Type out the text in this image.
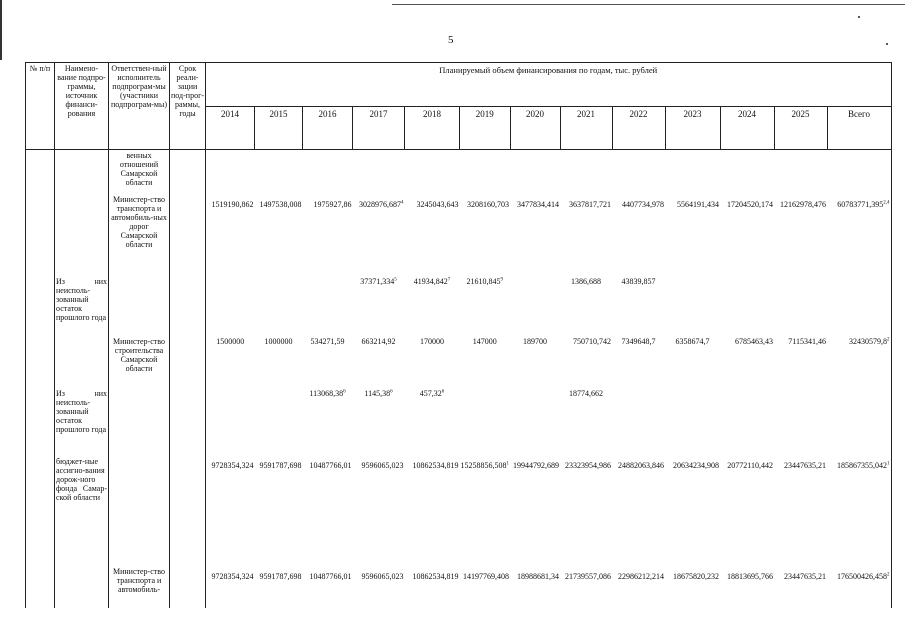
5
№ п/п	Наимено-вание подпро-граммы, источник финанси-рования	Ответствен-ный исполнитель подпрограм-мы (участники подпрограм-мы)	Срок реали-зации под-прог-раммы, годы	Планируемый объем финансирования по годам, тыс. рублей												
				2014	2015	2016	2017	2018	2019	2020	2021	2022	2023	2024	2025	Всего
		венных отношений Самарской области														
		Министер-ство транспорта и автомобиль-ных дорог Самарской области		1519190,862	1497538,008	1975927,86	3028976,687$^4$	3245043,643	3208160,703	3477834,414	3637817,721	4407734,978	5564191,434	17204520,174	12162978,476	60783771,395$^{2,4}$
	Из них неисполь-зованный остаток прошлого года						37371,334$^5$	41934,842$^7$	21610,845$^9$		1386,688	43839,857				
		Министер-ство строительства Самарской области		1500000	1000000	534271,59	663214,92	170000	147000	189700	750710,742	7349648,7	6358674,7	6785463,43	7115341,46	32430579,8$^2$
	Из них неисполь-зованный остаток прошлого года					113068,38$^6$	1145,38$^6$	457,32$^6$			18774,662					
	бюджет-ные ассигно-вания дорож-ного фонда Самар-ской области			9728354,324	9591787,698	10487766,01	9596065,023	10862534,819	15258856,508$^1$	19944792,689	23323954,986	24882063,846	20634234,908	20772110,442	23447635,21	185867355,042$^1$
		Министер-ство транспорта и автомобиль-		9728354,324	9591787,698	10487766,01	9596065,023	10862534,819	14197769,408	18988681,34	21739557,086	22986212,214	18675820,232	18813695,766	23447635,21	176500426,458$^2$
